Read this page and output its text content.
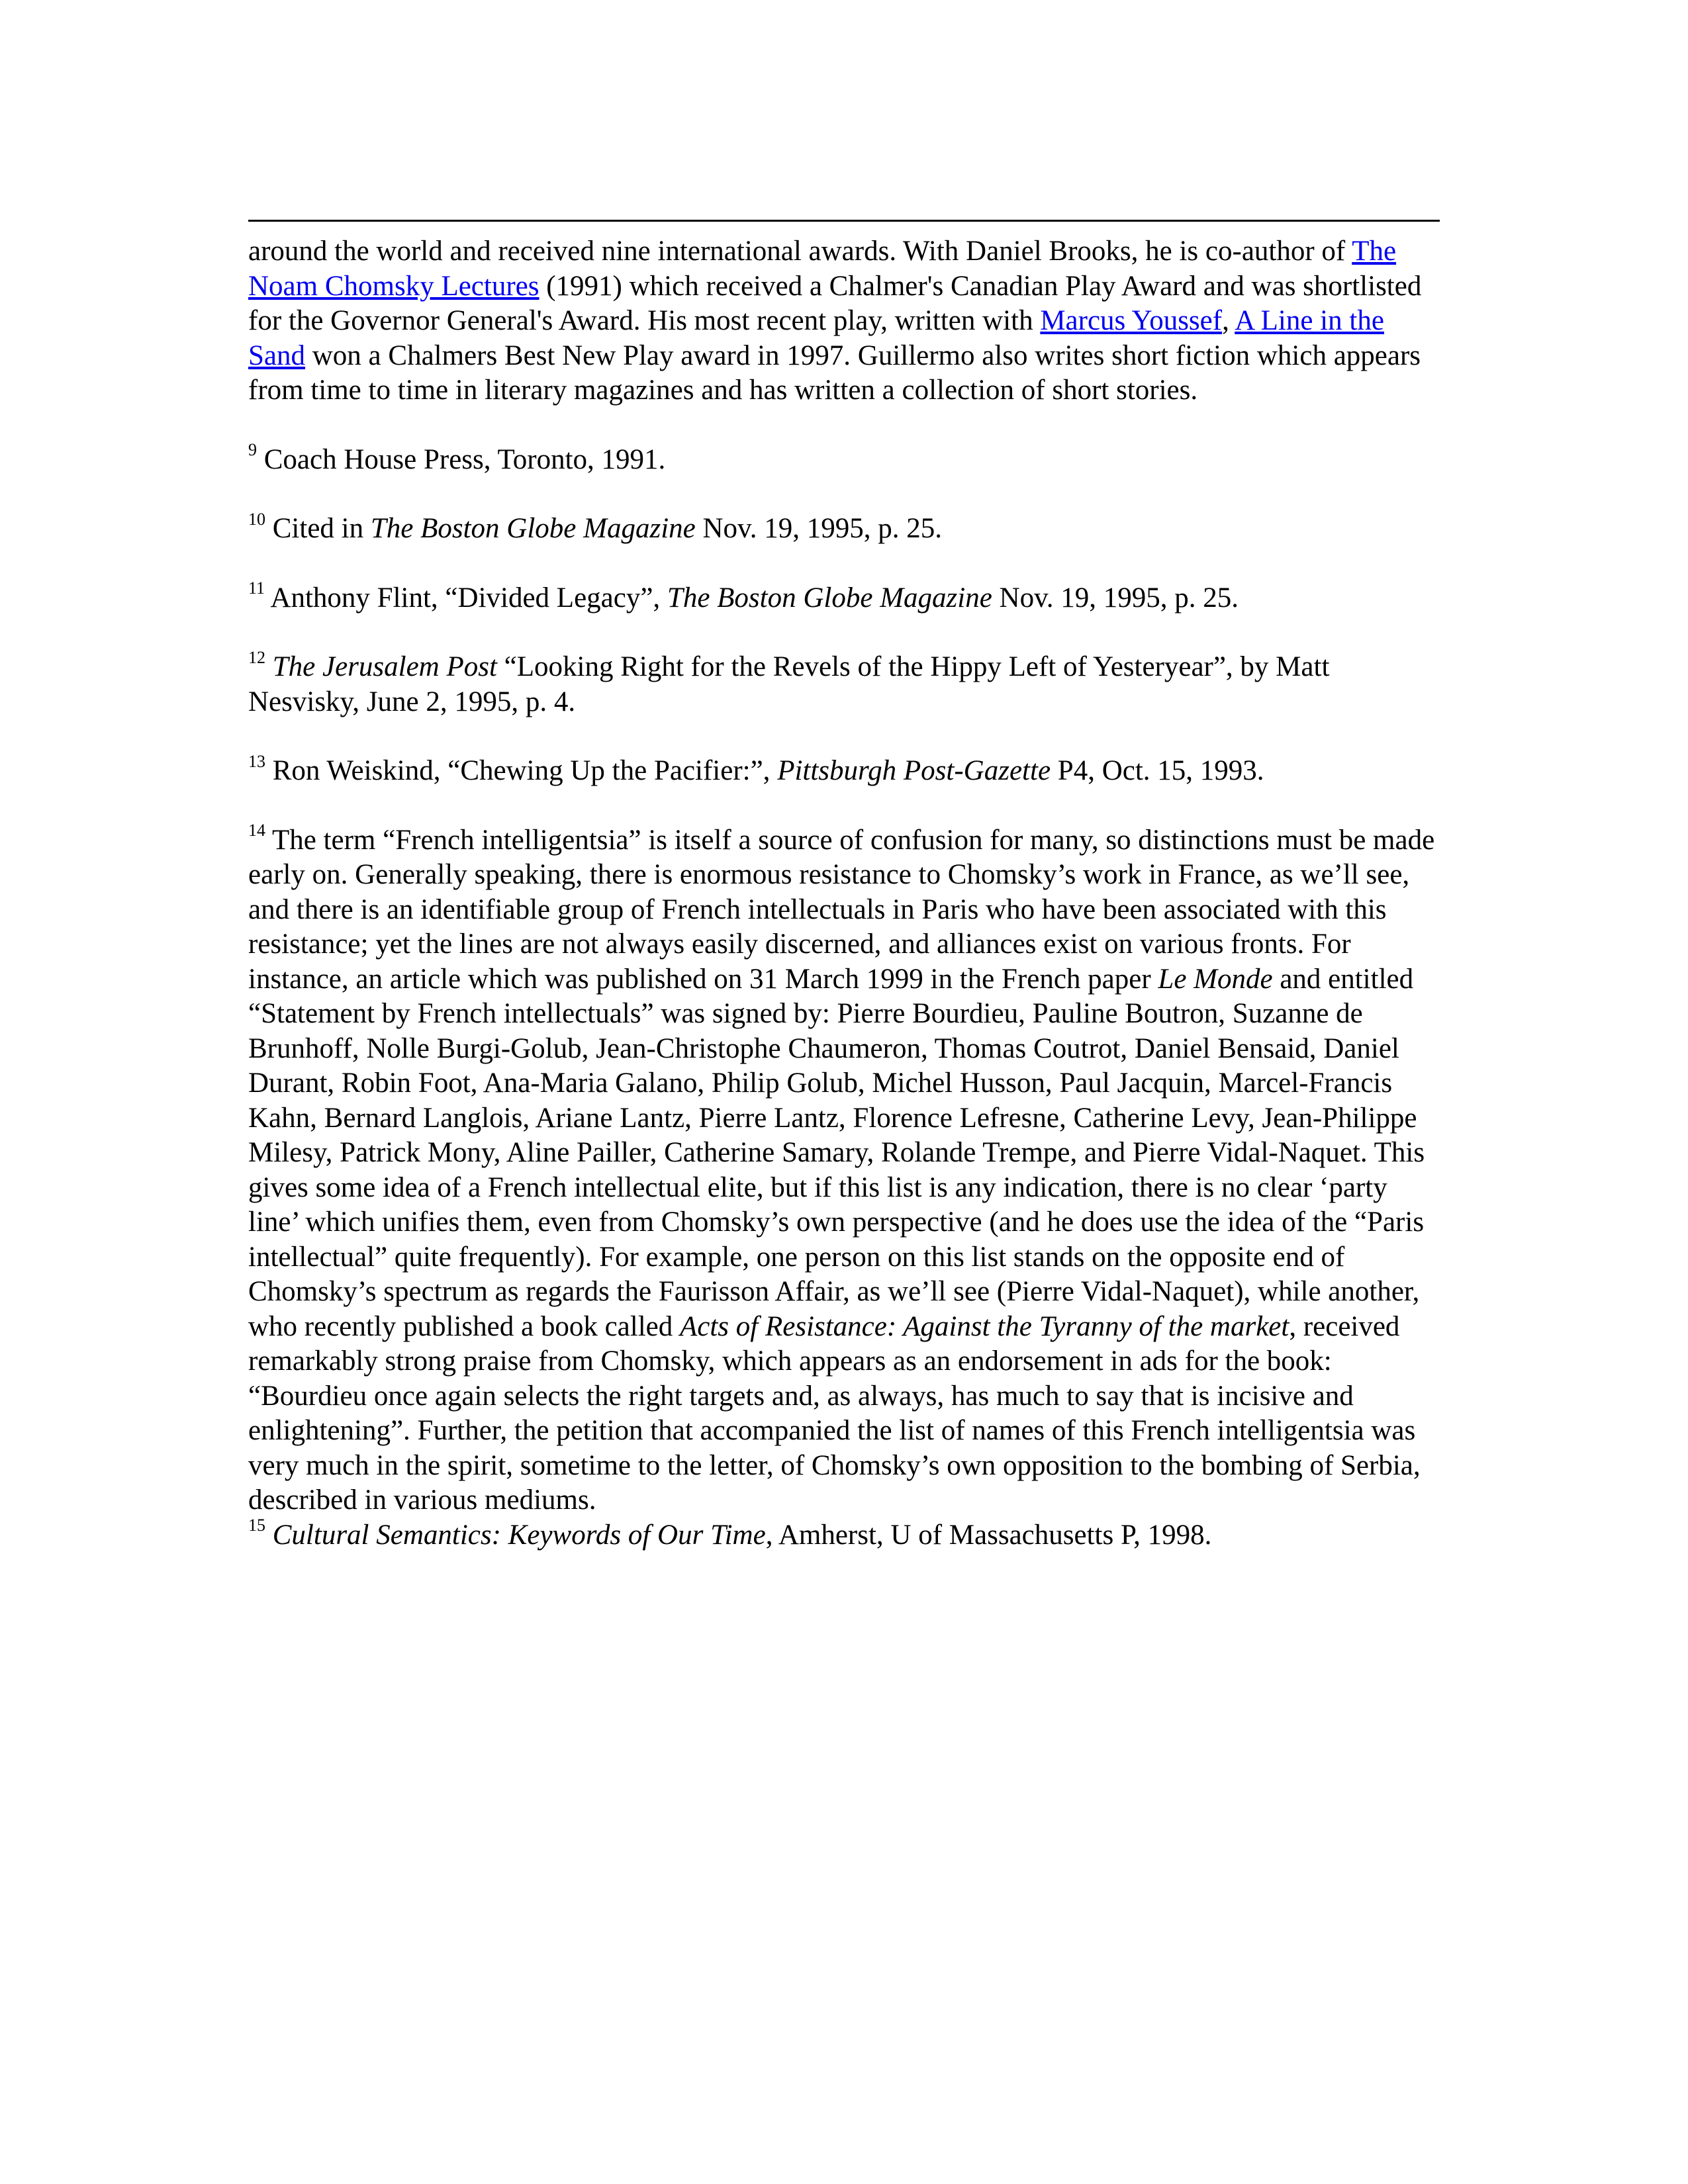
around the world and received nine international awards. With Daniel Brooks, he is co-author of The Noam Chomsky Lectures (1991) which received a Chalmer's Canadian Play Award and was shortlisted for the Governor General's Award. His most recent play, written with Marcus Youssef, A Line in the Sand won a Chalmers Best New Play award in 1997. Guillermo also writes short fiction which appears from time to time in literary magazines and has written a collection of short stories.

$^9$ Coach House Press, Toronto, 1991.

$^{10}$ Cited in The Boston Globe Magazine Nov. 19, 1995, p. 25.

$^{11}$ Anthony Flint, “Divided Legacy”, The Boston Globe Magazine Nov. 19, 1995, p. 25.

$^{12}$ The Jerusalem Post “Looking Right for the Revels of the Hippy Left of Yesteryear”, by Matt Nesvisky, June 2, 1995, p. 4.

$^{13}$ Ron Weiskind, “Chewing Up the Pacifier:”, Pittsburgh Post-Gazette P4, Oct. 15, 1993.

$^{14}$ The term “French intelligentsia” is itself a source of confusion for many, so distinctions must be made early on. Generally speaking, there is enormous resistance to Chomsky’s work in France, as we’ll see, and there is an identifiable group of French intellectuals in Paris who have been associated with this resistance; yet the lines are not always easily discerned, and alliances exist on various fronts. For instance, an article which was published on 31 March 1999 in the French paper Le Monde and entitled “Statement by French intellectuals” was signed by: Pierre Bourdieu, Pauline Boutron, Suzanne de Brunhoff, Nolle Burgi-Golub, Jean-Christophe Chaumeron, Thomas Coutrot, Daniel Bensaid, Daniel Durant, Robin Foot, Ana-Maria Galano, Philip Golub, Michel Husson, Paul Jacquin, Marcel-Francis Kahn, Bernard Langlois, Ariane Lantz, Pierre Lantz, Florence Lefresne, Catherine Levy, Jean-Philippe Milesy, Patrick Mony, Aline Pailler, Catherine Samary, Rolande Trempe, and Pierre Vidal-Naquet. This gives some idea of a French intellectual elite, but if this list is any indication, there is no clear ‘party line’ which unifies them, even from Chomsky’s own perspective (and he does use the idea of the “Paris intellectual” quite frequently). For example, one person on this list stands on the opposite end of Chomsky’s spectrum as regards the Faurisson Affair, as we’ll see (Pierre Vidal-Naquet), while another, who recently published a book called Acts of Resistance: Against the Tyranny of the market, received remarkably strong praise from Chomsky, which appears as an endorsement in ads for the book: “Bourdieu once again selects the right targets and, as always, has much to say that is incisive and enlightening”. Further, the petition that accompanied the list of names of this French intelligentsia was very much in the spirit, sometime to the letter, of Chomsky’s own opposition to the bombing of Serbia, described in various mediums.

$^{15}$ Cultural Semantics: Keywords of Our Time, Amherst, U of Massachusetts P, 1998.
